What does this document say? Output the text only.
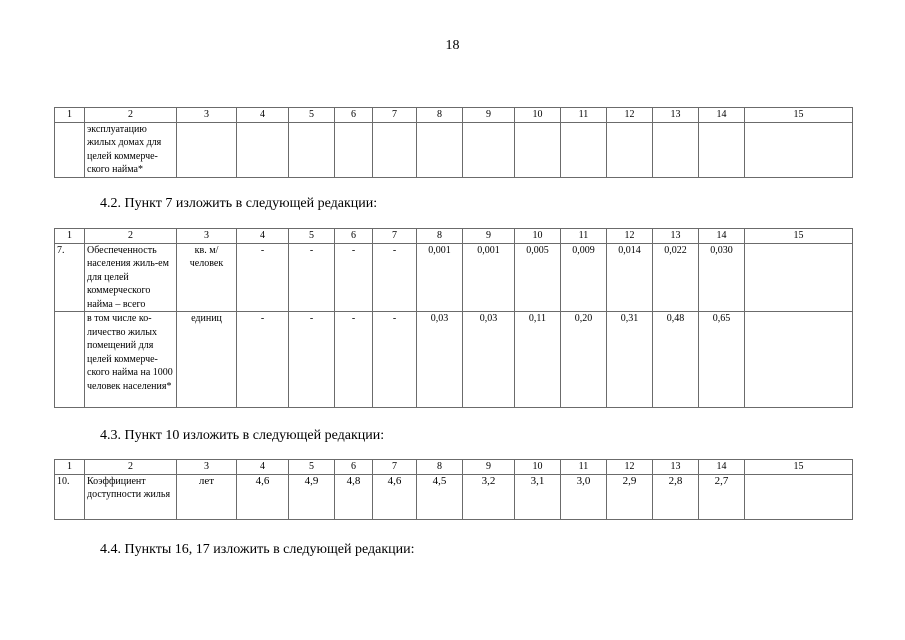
18
1	2	3	4	5	6	7	8	9	10	11	12	13	14	15
	эксплуатацию жилых домах для целей коммерче-ского найма*													
4.2. Пункт 7 изложить в следующей редакции:
1	2	3	4	5	6	7	8	9	10	11	12	13	14	15
7.	Обеспеченность населения жиль-ем для целей коммерческого найма – всего	кв. м/ человек	-	-	-	-	0,001	0,001	0,005	0,009	0,014	0,022	0,030	
	в том числе ко-личество жилых помещений для целей коммерче-ского найма на 1000 человек населения*	единиц	-	-	-	-	0,03	0,03	0,11	0,20	0,31	0,48	0,65	
4.3. Пункт 10 изложить в следующей редакции:
1	2	3	4	5	6	7	8	9	10	11	12	13	14	15
10.	Коэффициент доступности жилья	лет	4,6	4,9	4,8	4,6	4,5	3,2	3,1	3,0	2,9	2,8	2,7	
4.4. Пункты 16, 17 изложить в следующей редакции:
